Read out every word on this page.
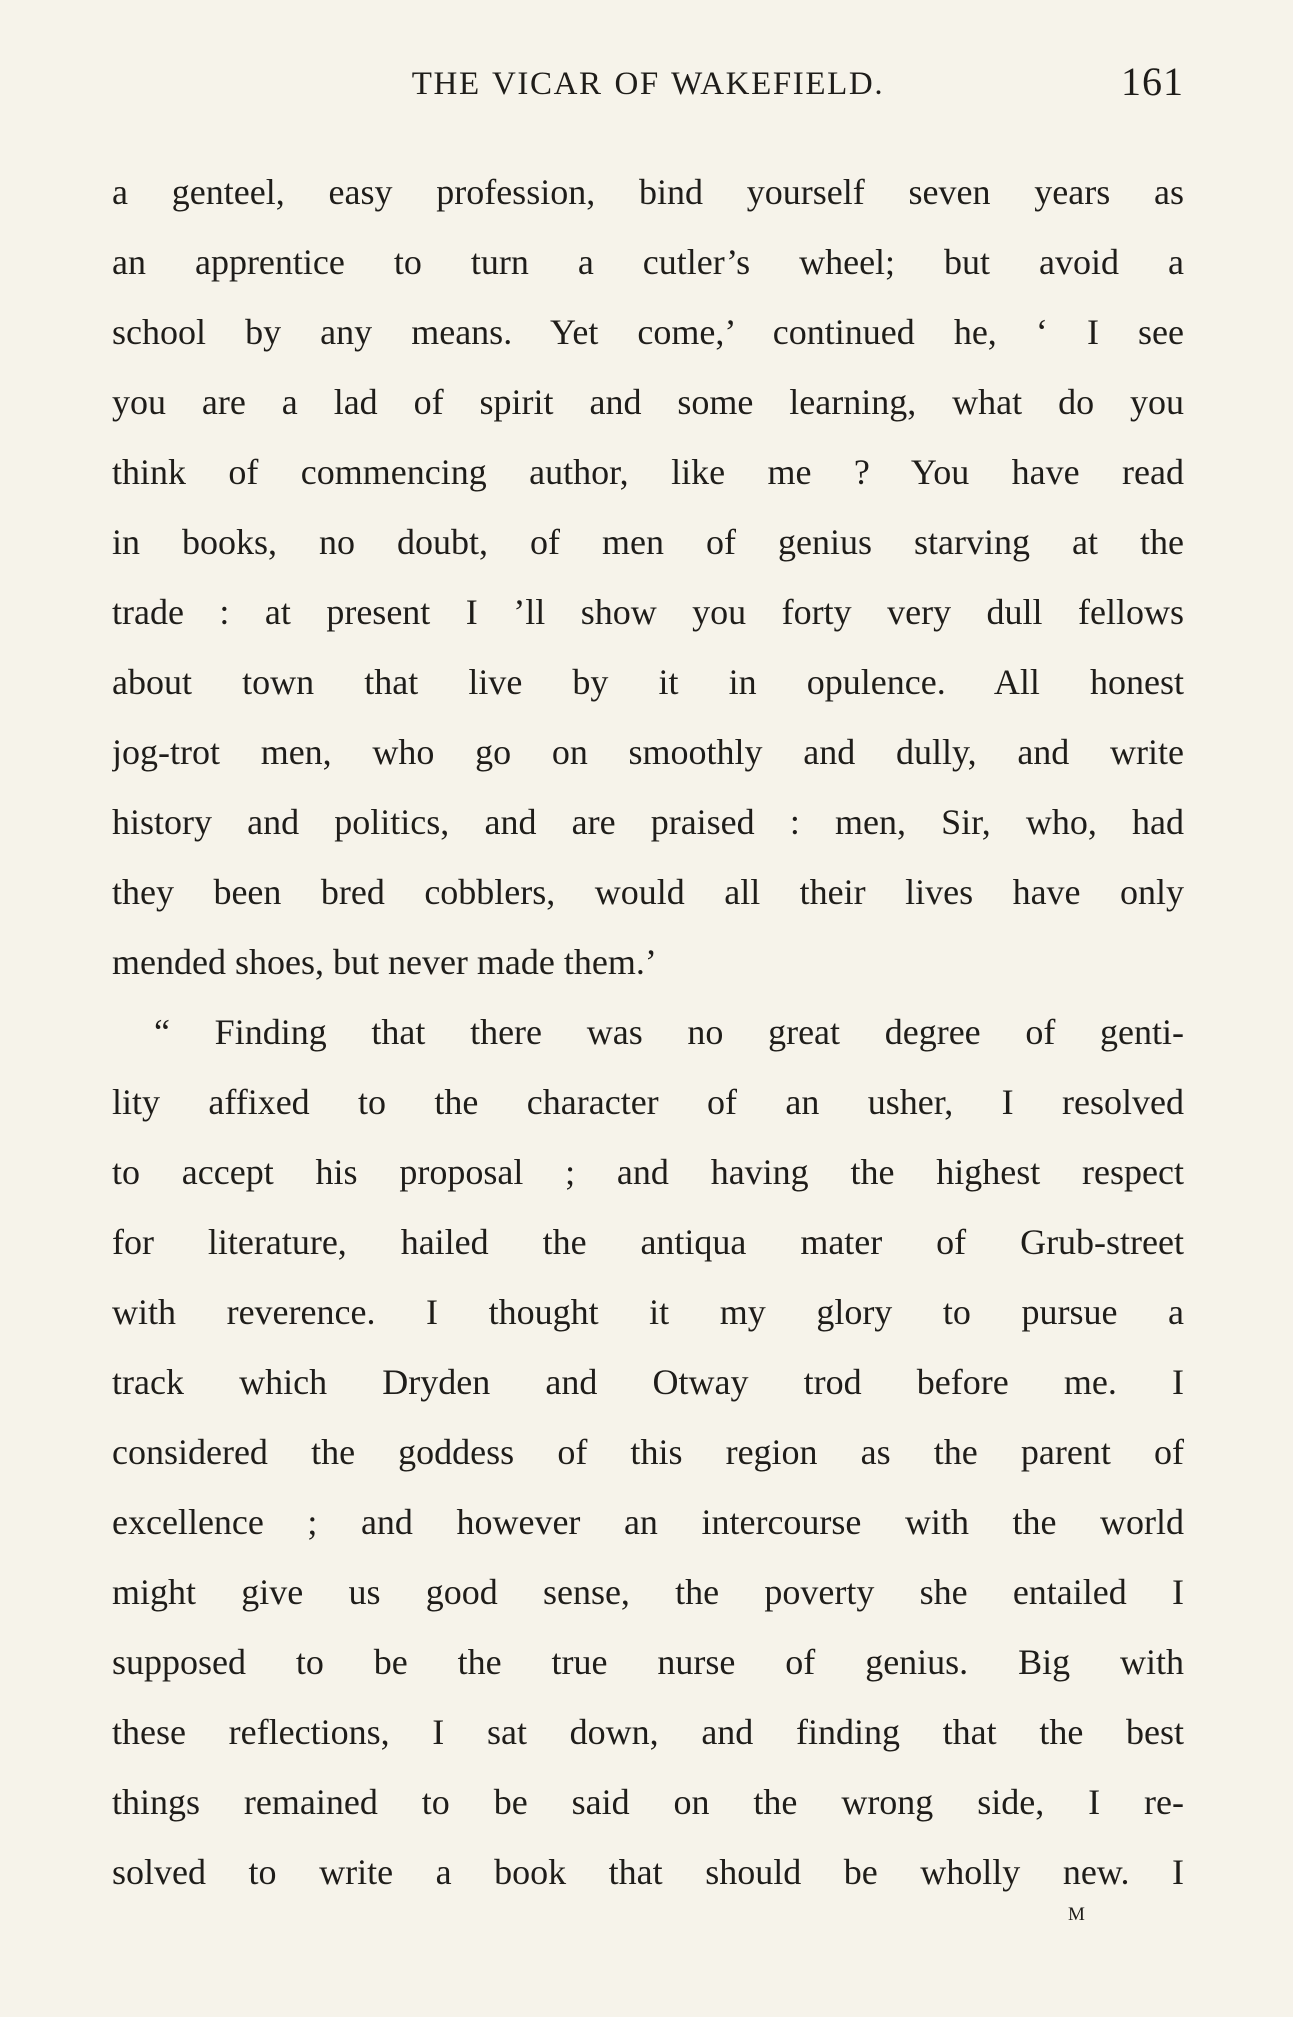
THE VICAR OF WAKEFIELD.	161
a genteel, easy profession, bind yourself seven years as
an apprentice to turn a cutler’s wheel; but avoid a
school by any means. Yet come,’ continued he, ‘ I see
you are a lad of spirit and some learning, what do you
think of commencing author, like me ? You have read
in books, no doubt, of men of genius starving at the
trade : at present I ’ll show you forty very dull fellows
about town that live by it in opulence. All honest
jog-trot men, who go on smoothly and dully, and write
history and politics, and are praised : men, Sir, who, had
they been bred cobblers, would all their lives have only
mended shoes, but never made them.’
“ Finding that there was no great degree of genti-
lity affixed to the character of an usher, I resolved
to accept his proposal ; and having the highest respect
for literature, hailed the antiqua mater of Grub-street
with reverence. I thought it my glory to pursue a
track which Dryden and Otway trod before me. I
considered the goddess of this region as the parent of
excellence ; and however an intercourse with the world
might give us good sense, the poverty she entailed I
supposed to be the true nurse of genius. Big with
these reflections, I sat down, and finding that the best
things remained to be said on the wrong side, I re-
solved to write a book that should be wholly new. I
M
